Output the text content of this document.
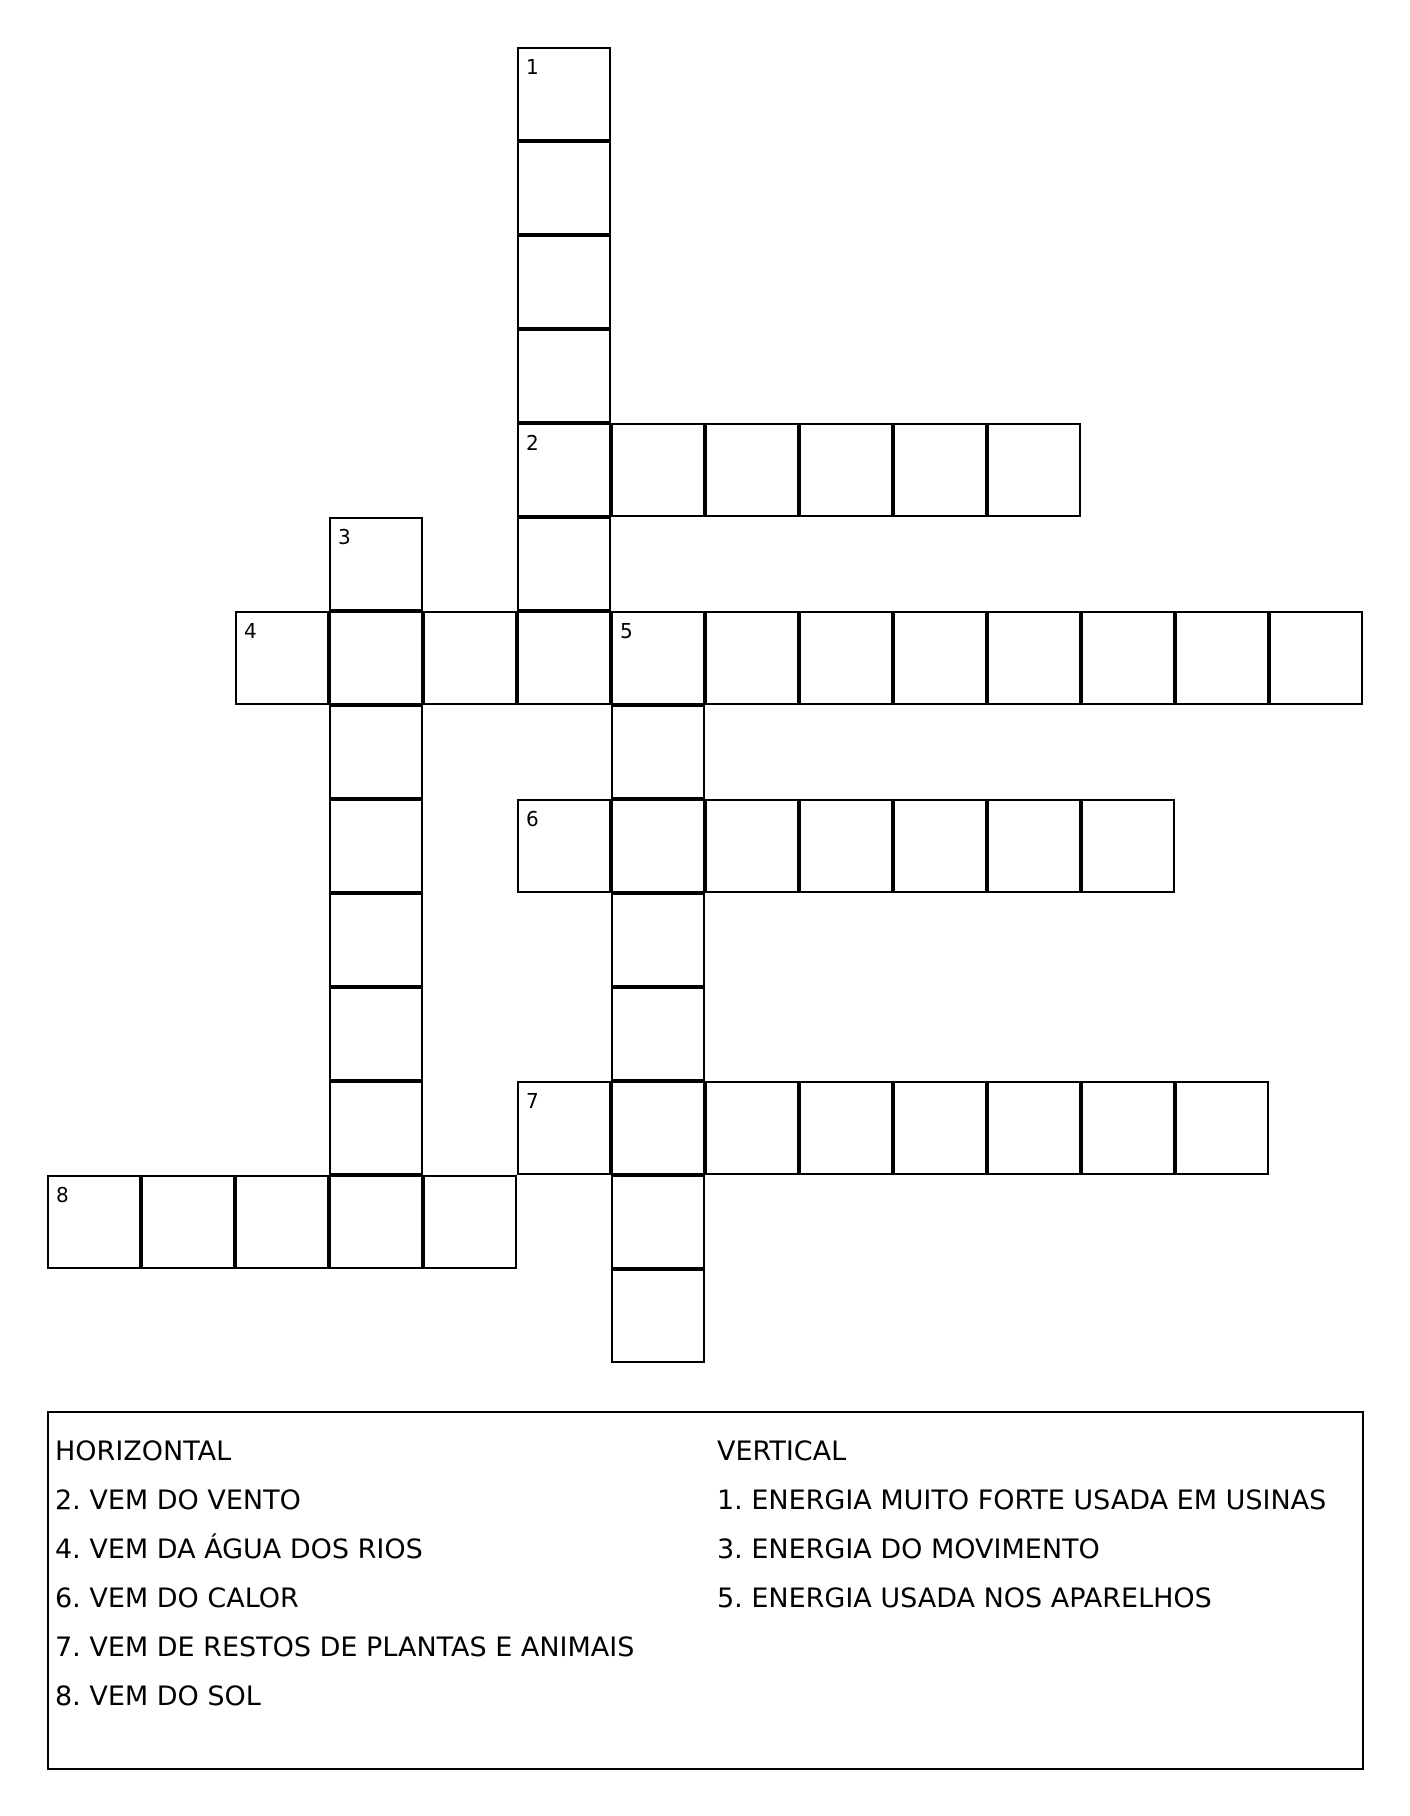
1
2
3
4	5
6
7
8
HORIZONTAL
2. VEM DO VENTO
4. VEM DA ÁGUA DOS RIOS
6. VEM DO CALOR
7. VEM DE RESTOS DE PLANTAS E ANIMAIS
8. VEM DO SOL
VERTICAL
1. ENERGIA MUITO FORTE USADA EM USINAS
3. ENERGIA DO MOVIMENTO
5. ENERGIA USADA NOS APARELHOS
